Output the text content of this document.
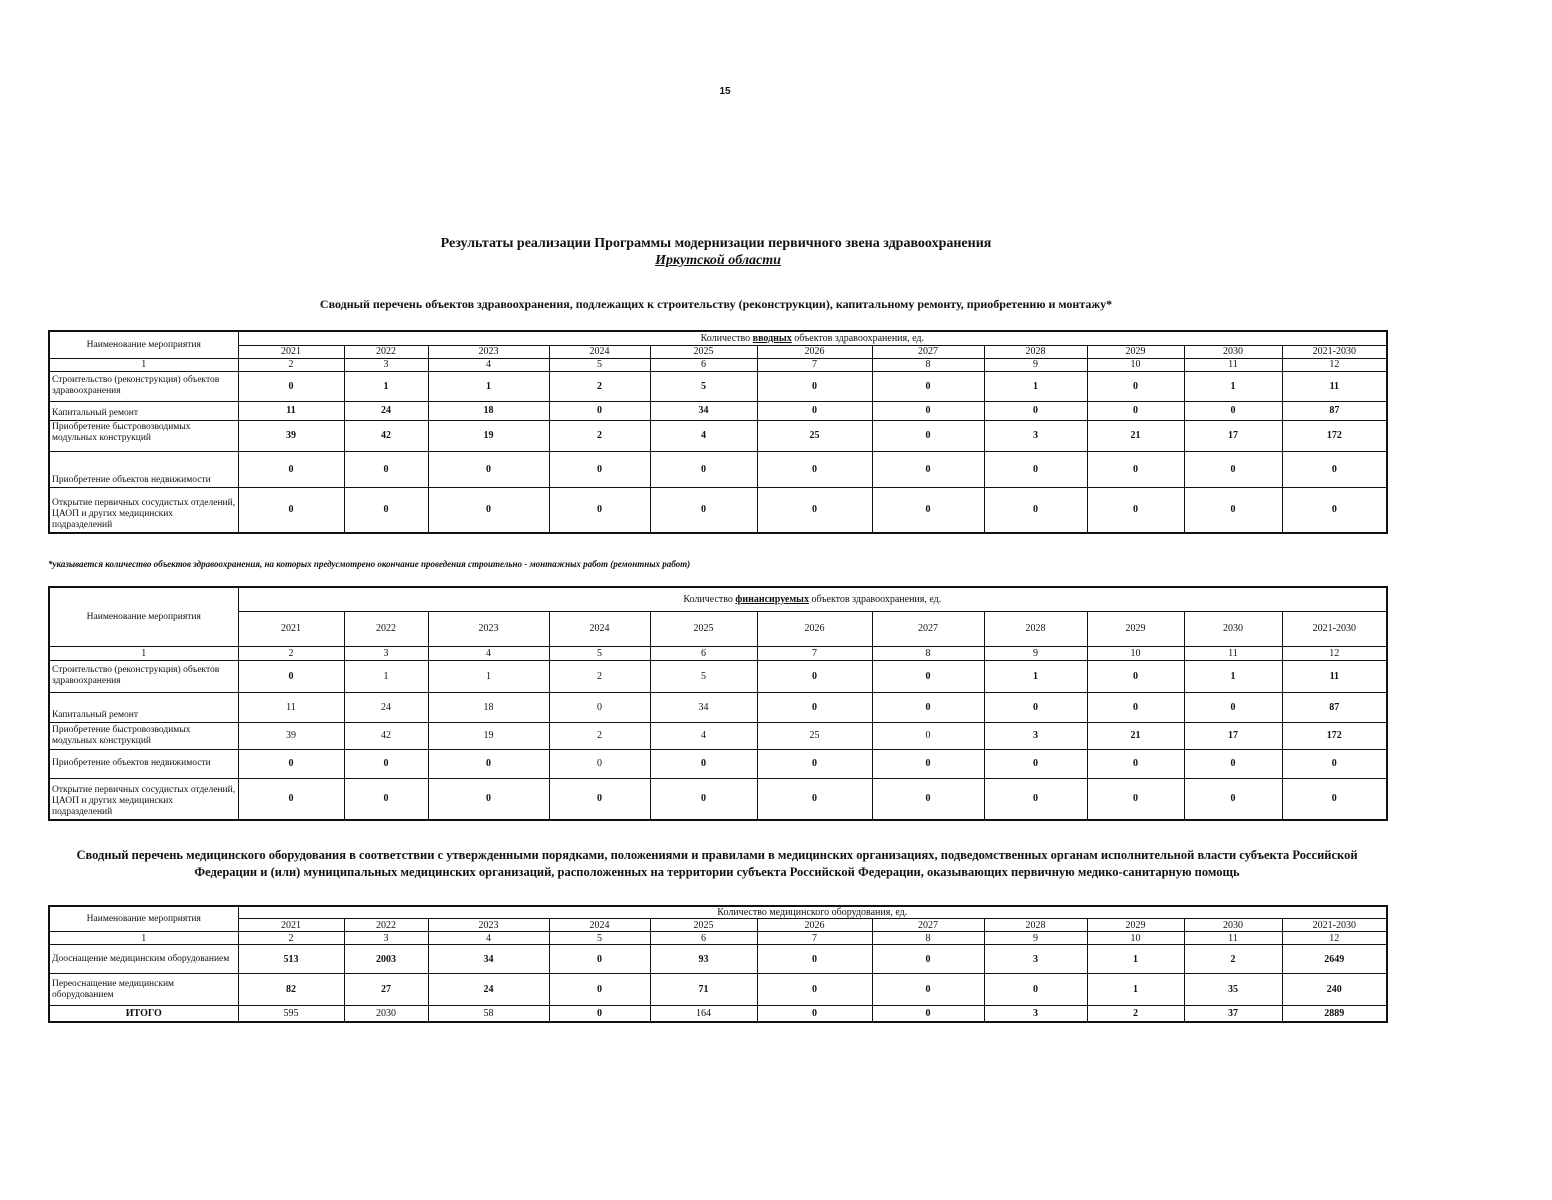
15
Результаты реализации Программы модернизации первичного звена здравоохранения
Иркутской области
Сводный перечень объектов здравоохранения, подлежащих к строительству (реконструкции), капитальному ремонту, приобретению и монтажу*
Наименование мероприятия	Количество вводных объектов здравоохранения, ед.										
	2021	2022	2023	2024	2025	2026	2027	2028	2029	2030	2021-2030
1	2	3	4	5	6	7	8	9	10	11	12
Строительство (реконструкция) объектов здравоохранения	0	1	1	2	5	0	0	1	0	1	11
Капитальный ремонт	11	24	18	0	34	0	0	0	0	0	87
Приобретение быстровозводимых модульных конструкций	39	42	19	2	4	25	0	3	21	17	172
Приобретение объектов недвижимости	0	0	0	0	0	0	0	0	0	0	0
Открытие первичных сосудистых отделений, ЦАОП и других медицинских подразделений	0	0	0	0	0	0	0	0	0	0	0
*указывается количество объектов здравоохранения, на которых предусмотрено окончание проведения строительно - монтажных работ (ремонтных работ)
Наименование мероприятия	Количество финансируемых объектов здравоохранения, ед.										
	2021	2022	2023	2024	2025	2026	2027	2028	2029	2030	2021-2030
1	2	3	4	5	6	7	8	9	10	11	12
Строительство (реконструкция) объектов здравоохранения	0	1	1	2	5	0	0	1	0	1	11
Капитальный ремонт	11	24	18	0	34	0	0	0	0	0	87
Приобретение быстровозводимых модульных конструкций	39	42	19	2	4	25	0	3	21	17	172
Приобретение объектов недвижимости	0	0	0	0	0	0	0	0	0	0	0
Открытие первичных сосудистых отделений, ЦАОП и других медицинских подразделений	0	0	0	0	0	0	0	0	0	0	0
Сводный перечень медицинского оборудования в соответствии с утвержденными порядками, положениями и правилами в медицинских организациях, подведомственных органам исполнительной власти субъекта Российской Федерации и (или) муниципальных медицинских организаций, расположенных на территории субъекта Российской Федерации, оказывающих первичную медико-санитарную помощь
Наименование мероприятия	Количество медицинского оборудования, ед.										
	2021	2022	2023	2024	2025	2026	2027	2028	2029	2030	2021-2030
1	2	3	4	5	6	7	8	9	10	11	12
Дооснащение медицинским оборудованием	513	2003	34	0	93	0	0	3	1	2	2649
Переоснащение медицинским оборудованием	82	27	24	0	71	0	0	0	1	35	240
ИТОГО	595	2030	58	0	164	0	0	3	2	37	2889
